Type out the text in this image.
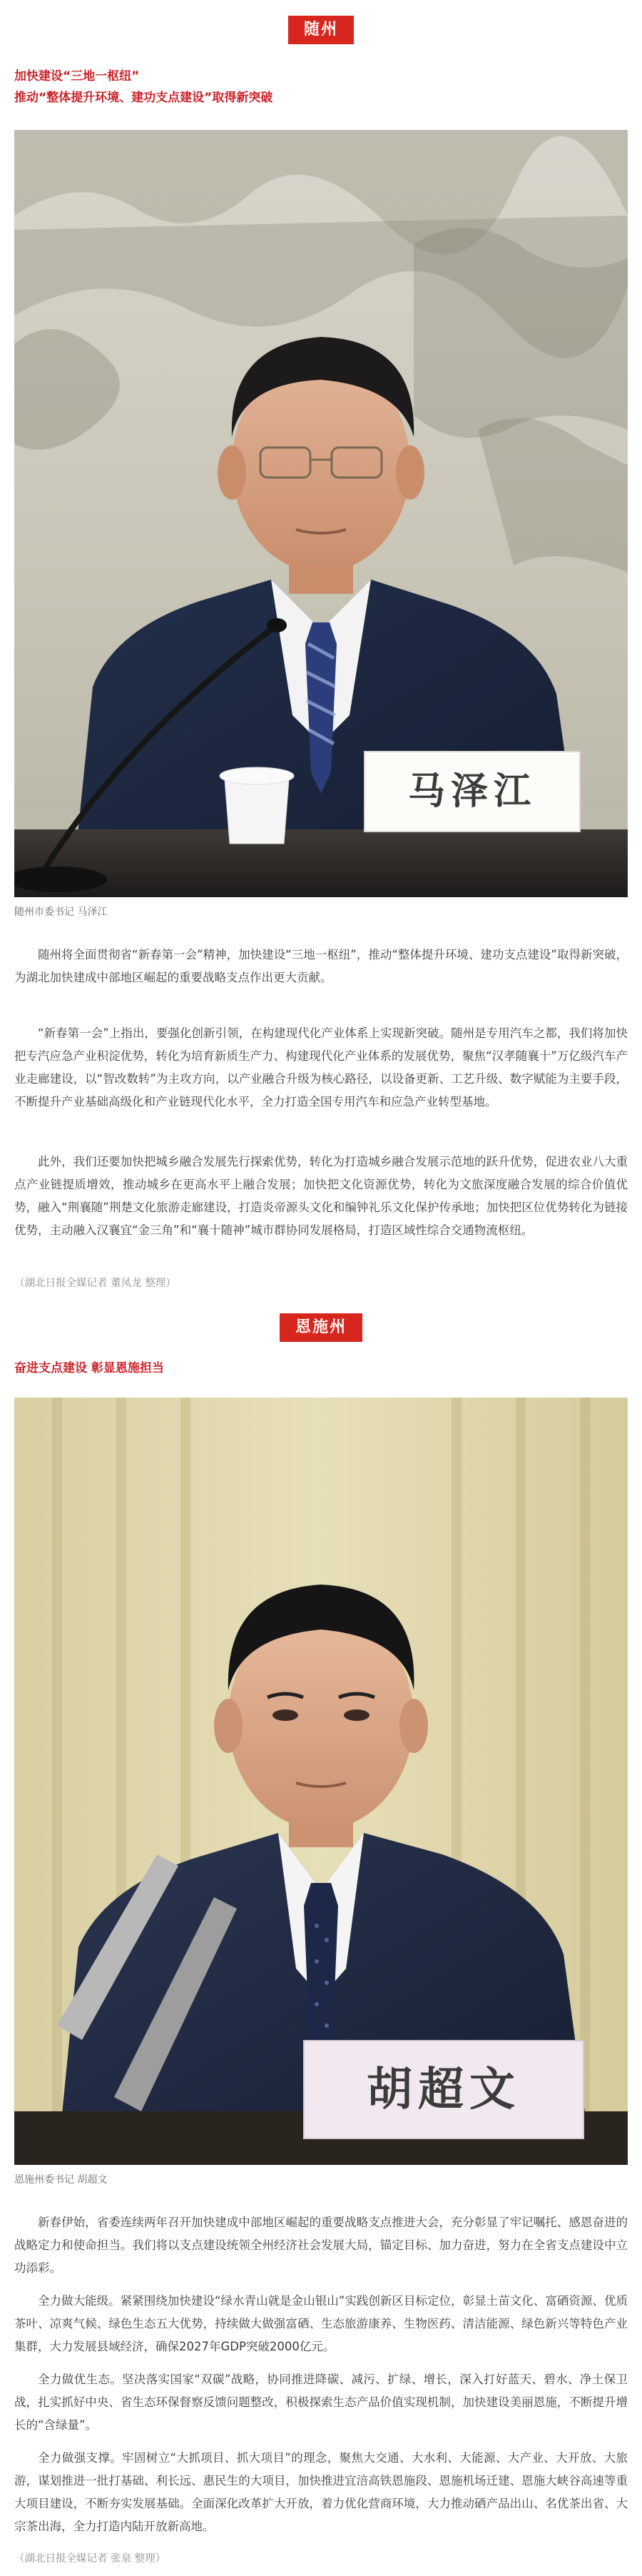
随州
加快建设“三地一枢纽”
推动“整体提升环境、建功支点建设”取得新突破
马泽江
随州市委书记 马泽江

随州将全面贯彻省“新春第一会”精神，加快建设“三地一枢纽”，推动“整体提升环境、建功支点建设”取得新突破，为湖北加快建成中部地区崛起的重要战略支点作出更大贡献。

“新春第一会”上指出，要强化创新引领，在构建现代化产业体系上实现新突破。随州是专用汽车之都，我们将加快把专汽应急产业积淀优势，转化为培育新质生产力、构建现代化产业体系的发展优势，聚焦“汉孝随襄十”万亿级汽车产业走廊建设，以“智改数转”为主攻方向，以产业融合升级为核心路径，以设备更新、工艺升级、数字赋能为主要手段，不断提升产业基础高级化和产业链现代化水平，全力打造全国专用汽车和应急产业转型基地。

此外，我们还要加快把城乡融合发展先行探索优势，转化为打造城乡融合发展示范地的跃升优势，促进农业八大重点产业链提质增效，推动城乡在更高水平上融合发展；加快把文化资源优势，转化为文旅深度融合发展的综合价值优势，融入“荆襄随”荆楚文化旅游走廊建设，打造炎帝源头文化和编钟礼乐文化保护传承地；加快把区位优势转化为链接优势，主动融入汉襄宜“金三角”和“襄十随神”城市群协同发展格局，打造区域性综合交通物流枢纽。

（湖北日报全媒记者 董凤龙 整理）
恩施州
奋进支点建设 彰显恩施担当
胡超文
恩施州委书记 胡超文

新春伊始，省委连续两年召开加快建成中部地区崛起的重要战略支点推进大会，充分彰显了牢记嘱托、感恩奋进的战略定力和使命担当。我们将以支点建设统领全州经济社会发展大局，锚定目标、加力奋进，努力在全省支点建设中立功添彩。

全力做大能级。紧紧围绕加快建设“绿水青山就是金山银山”实践创新区目标定位，彰显土苗文化、富硒资源、优质茶叶、凉爽气候、绿色生态五大优势，持续做大做强富硒、生态旅游康养、生物医药、清洁能源、绿色新兴等特色产业集群，大力发展县域经济，确保2027年GDP突破2000亿元。

全力做优生态。坚决落实国家“双碳”战略，协同推进降碳、减污、扩绿、增长，深入打好蓝天、碧水、净土保卫战，扎实抓好中央、省生态环保督察反馈问题整改，积极探索生态产品价值实现机制，加快建设美丽恩施，不断提升增长的“含绿量”。

全力做强支撑。牢固树立“大抓项目、抓大项目”的理念，聚焦大交通、大水利、大能源、大产业、大开放、大旅游，谋划推进一批打基础、利长远、惠民生的大项目，加快推进宜涪高铁恩施段、恩施机场迁建、恩施大峡谷高速等重大项目建设，不断夯实发展基础。全面深化改革扩大开放，着力优化营商环境，大力推动硒产品出山、名优茶出省、大宗茶出海，全力打造内陆开放新高地。

（湖北日报全媒记者 张泉 整理）
